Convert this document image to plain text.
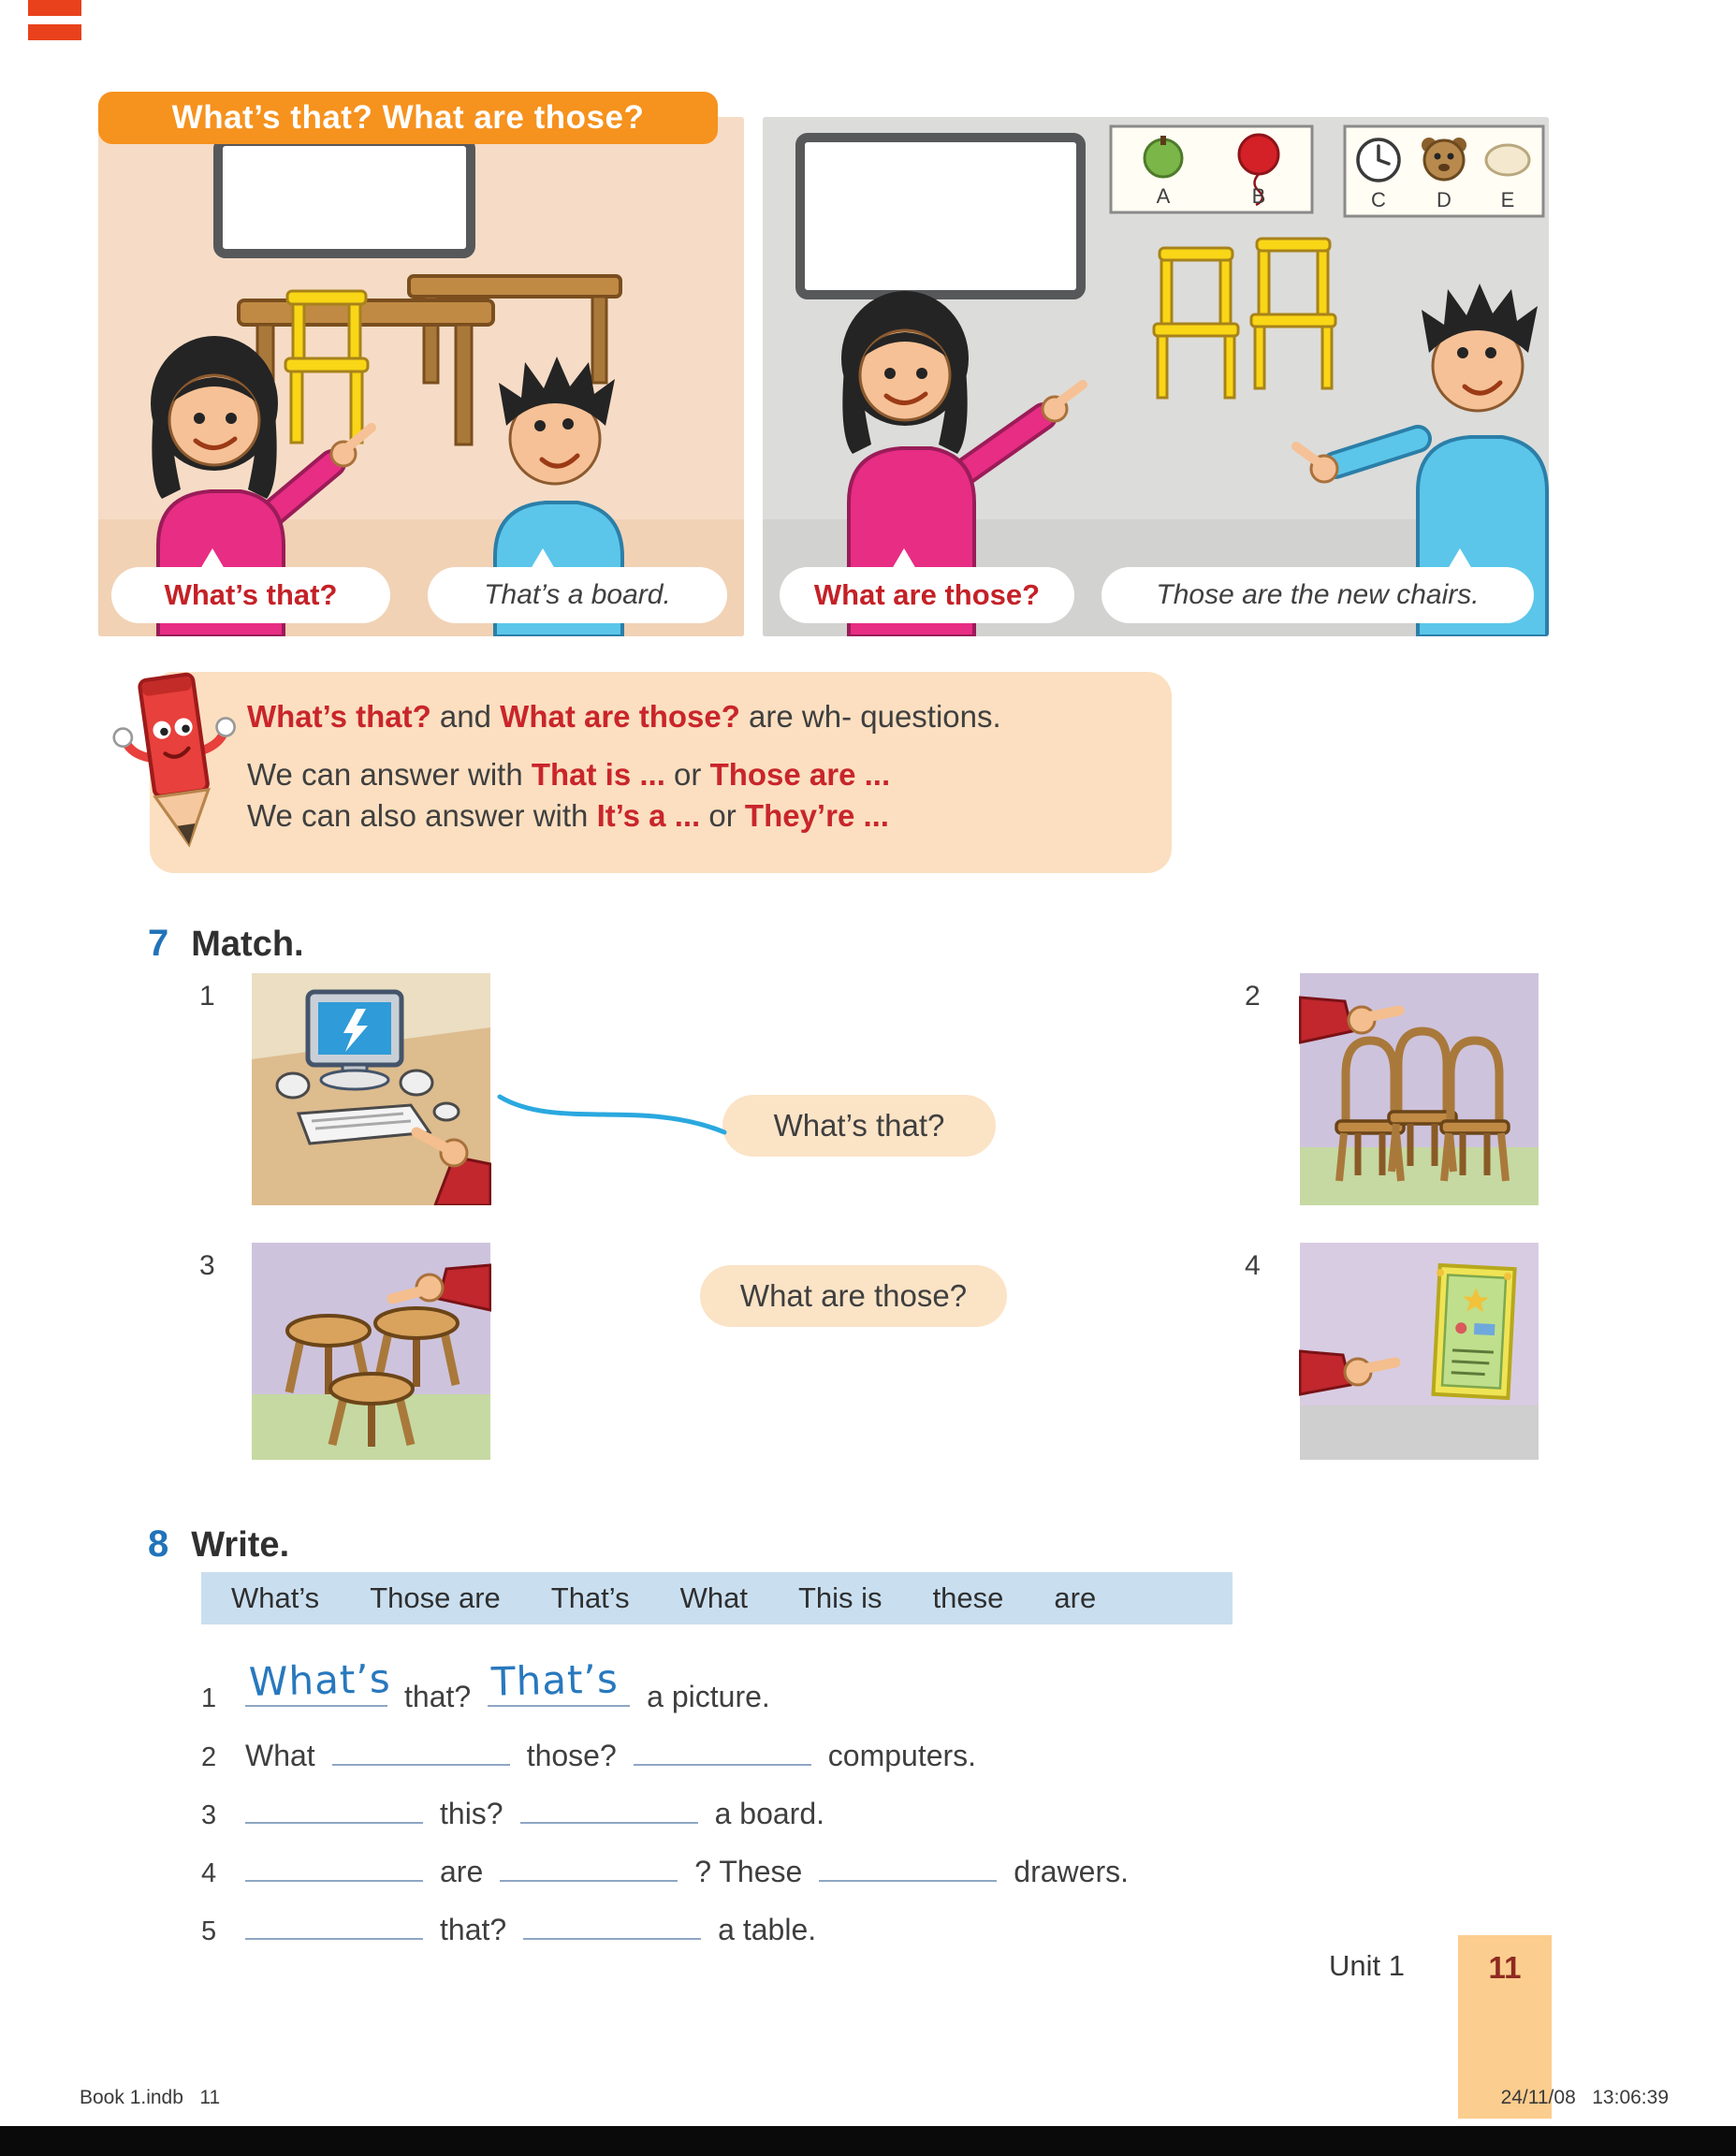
What’s that? What are those?
What’s that?	That’s a board.
A	B	C D E
What are those?	Those are the new chairs.

What’s that? and What are those? are wh- questions.

We can answer with That is ... or Those are ...

We can also answer with It’s a ... or They’re ...

7 Match.
1	2
3	4
What’s that?
What are those?
8 Write.
What’s Those are That’s What This is these are
1 What’s that? That’s a picture.
2 What	those?	computers.
3	this?	a board.
4	are	? These	drawers.
5	that?	a table.
Unit 1	11
Book 1.indb   11	24/11/08   13:06:39
